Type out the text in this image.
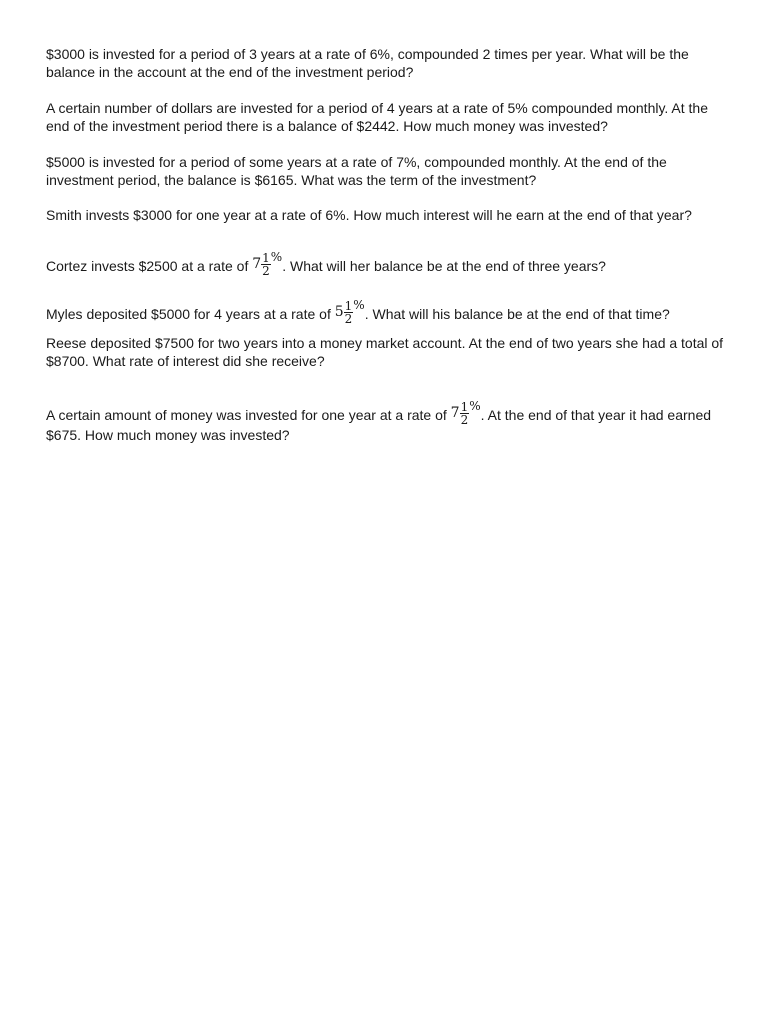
$3000 is invested for a period of 3 years at a rate of 6%, compounded 2 times per year. What will be the balance in the account at the end of the investment period?

A certain number of dollars are invested for a period of 4 years at a rate of 5% compounded monthly. At the end of the investment period there is a balance of $2442. How much money was invested?

$5000 is invested for a period of some years at a rate of 7%, compounded monthly. At the end of the investment period, the balance is $6165. What was the term of the investment?

Smith invests $3000 for one year at a rate of 6%. How much interest will he earn at the end of that year?

Cortez invests $2500 at a rate of $7 \frac{1}{2}$ %. What will her balance be at the end of three years?

Myles deposited $5000 for 4 years at a rate of $5 \frac{1}{2}$ %. What will his balance be at the end of that time?

Reese deposited $7500 for two years into a money market account. At the end of two years she had a total of $8700. What rate of interest did she receive?

A certain amount of money was invested for one year at a rate of $7 \frac{1}{2}$ %. At the end of that year it had earned $675. How much money was invested?
